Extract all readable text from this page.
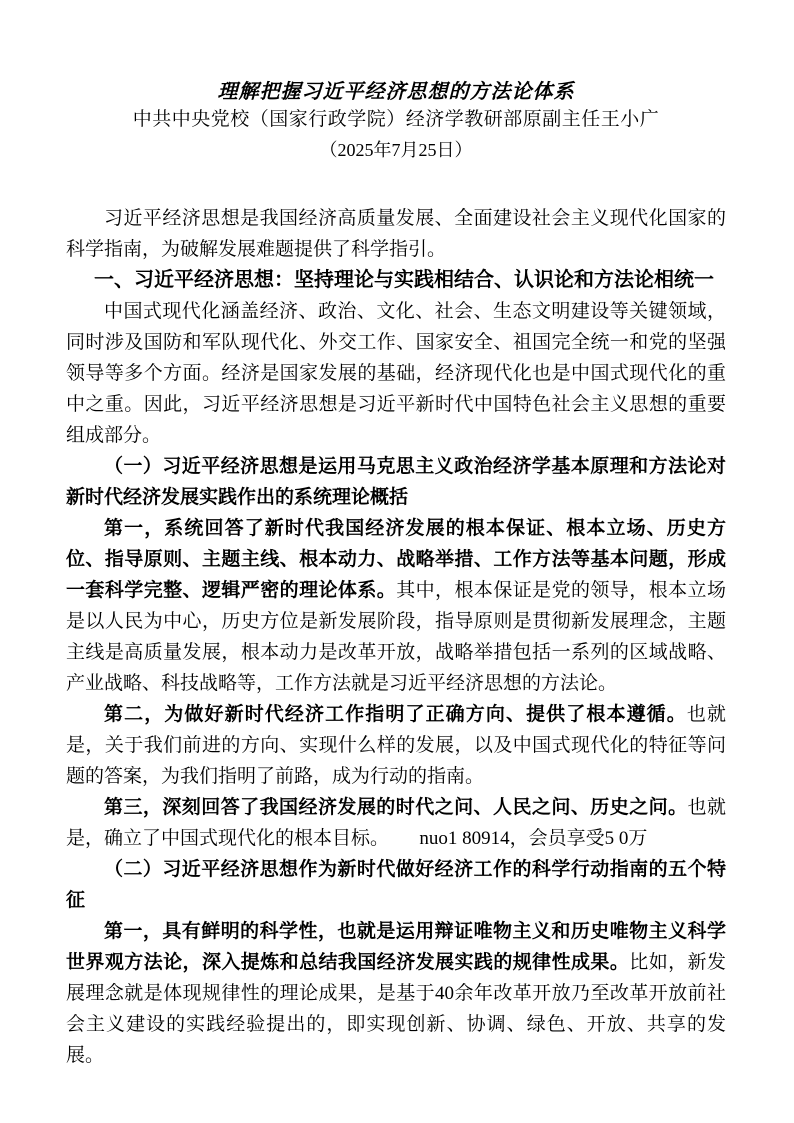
理解把握习近平经济思想的方法论体系
中共中央党校（国家行政学院）经济学教研部原副主任王小广
（2025年7月25日）

习近平经济思想是我国经济高质量发展、全面建设社会主义现代化国家的科学指南，为破解发展难题提供了科学指引。

一、习近平经济思想：坚持理论与实践相结合、认识论和方法论相统一

中国式现代化涵盖经济、政治、文化、社会、生态文明建设等关键领域，同时涉及国防和军队现代化、外交工作、国家安全、祖国完全统一和党的坚强领导等多个方面。经济是国家发展的基础，经济现代化也是中国式现代化的重中之重。因此，习近平经济思想是习近平新时代中国特色社会主义思想的重要组成部分。

（一）习近平经济思想是运用马克思主义政治经济学基本原理和方法论对新时代经济发展实践作出的系统理论概括

第一，系统回答了新时代我国经济发展的根本保证、根本立场、历史方位、指导原则、主题主线、根本动力、战略举措、工作方法等基本问题，形成一套科学完整、逻辑严密的理论体系。其中，根本保证是党的领导，根本立场是以人民为中心，历史方位是新发展阶段，指导原则是贯彻新发展理念，主题主线是高质量发展，根本动力是改革开放，战略举措包括一系列的区域战略、产业战略、科技战略等，工作方法就是习近平经济思想的方法论。

第二，为做好新时代经济工作指明了正确方向、提供了根本遵循。也就是，关于我们前进的方向、实现什么样的发展，以及中国式现代化的特征等问题的答案，为我们指明了前路，成为行动的指南。

第三，深刻回答了我国经济发展的时代之问、人民之问、历史之问。也就是，确立了中国式现代化的根本目标。 nuo1 80914，会员享受5 0万

（二）习近平经济思想作为新时代做好经济工作的科学行动指南的五个特征

第一，具有鲜明的科学性，也就是运用辩证唯物主义和历史唯物主义科学世界观方法论，深入提炼和总结我国经济发展实践的规律性成果。比如，新发展理念就是体现规律性的理论成果，是基于40余年改革开放乃至改革开放前社会主义建设的实践经验提出的，即实现创新、协调、绿色、开放、共享的发展。
